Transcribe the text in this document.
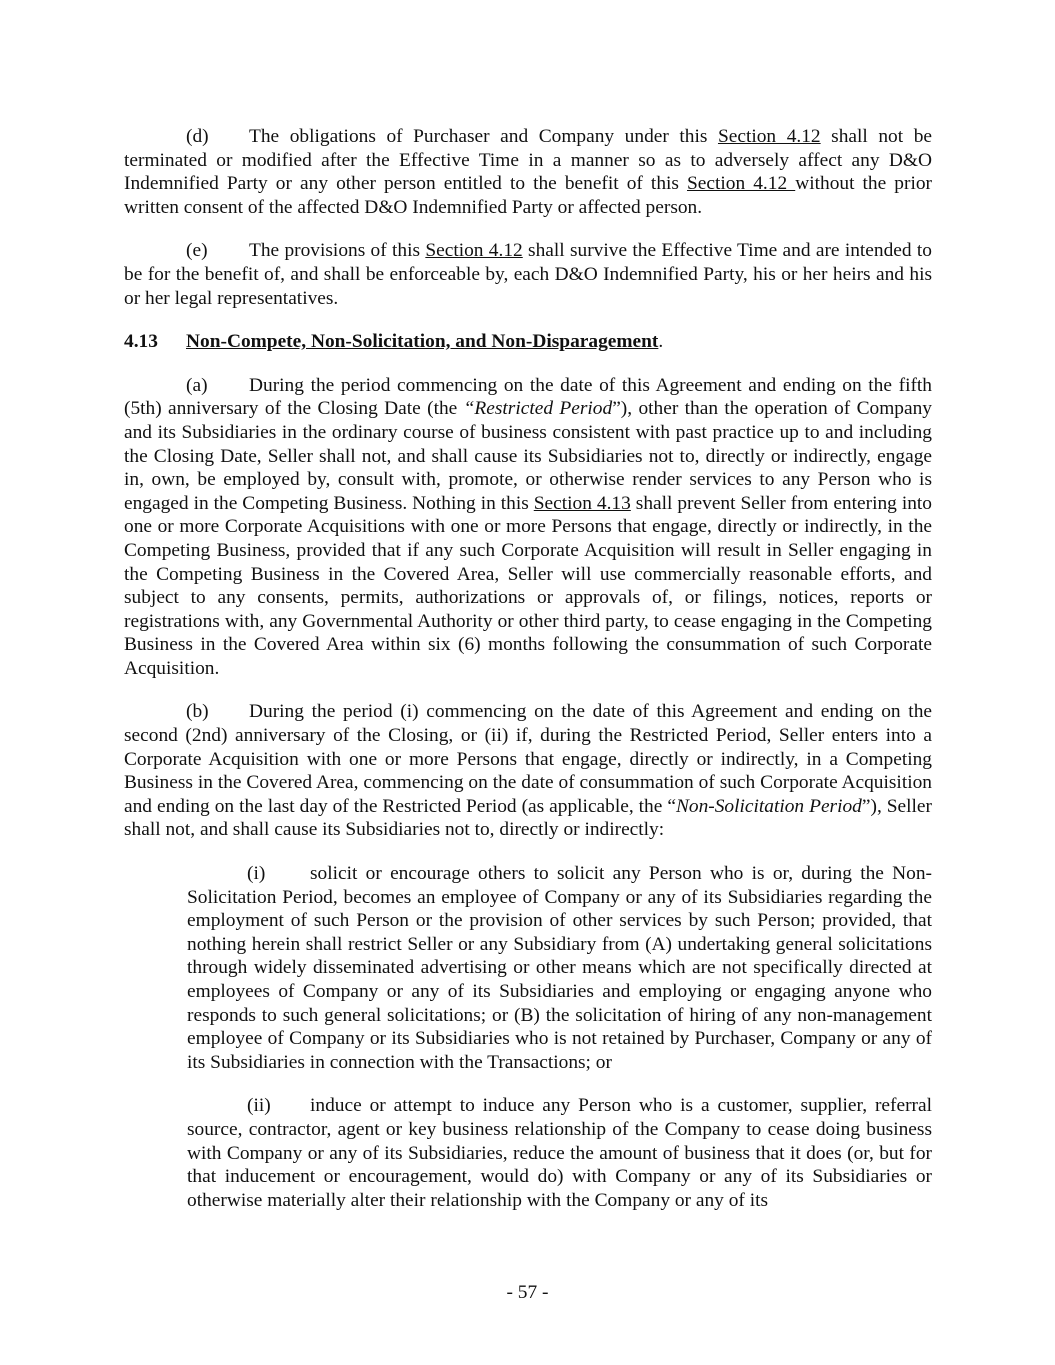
(d) The obligations of Purchaser and Company under this Section 4.12 shall not be terminated or modified after the Effective Time in a manner so as to adversely affect any D&O Indemnified Party or any other person entitled to the benefit of this Section 4.12 without the prior written consent of the affected D&O Indemnified Party or affected person.

(e) The provisions of this Section 4.12 shall survive the Effective Time and are intended to be for the benefit of, and shall be enforceable by, each D&O Indemnified Party, his or her heirs and his or her legal representatives.

4.13 Non-Compete, Non-Solicitation, and Non-Disparagement.

(a) During the period commencing on the date of this Agreement and ending on the fifth (5th) anniversary of the Closing Date (the “Restricted Period”), other than the operation of Company and its Subsidiaries in the ordinary course of business consistent with past practice up to and including the Closing Date, Seller shall not, and shall cause its Subsidiaries not to, directly or indirectly, engage in, own, be employed by, consult with, promote, or otherwise render services to any Person who is engaged in the Competing Business. Nothing in this Section 4.13 shall prevent Seller from entering into one or more Corporate Acquisitions with one or more Persons that engage, directly or indirectly, in the Competing Business, provided that if any such Corporate Acquisition will result in Seller engaging in the Competing Business in the Covered Area, Seller will use commercially reasonable efforts, and subject to any consents, permits, authorizations or approvals of, or filings, notices, reports or registrations with, any Governmental Authority or other third party, to cease engaging in the Competing Business in the Covered Area within six (6) months following the consummation of such Corporate Acquisition.

(b) During the period (i) commencing on the date of this Agreement and ending on the second (2nd) anniversary of the Closing, or (ii) if, during the Restricted Period, Seller enters into a Corporate Acquisition with one or more Persons that engage, directly or indirectly, in a Competing Business in the Covered Area, commencing on the date of consummation of such Corporate Acquisition and ending on the last day of the Restricted Period (as applicable, the “Non-Solicitation Period”), Seller shall not, and shall cause its Subsidiaries not to, directly or indirectly:

(i) solicit or encourage others to solicit any Person who is or, during the Non-Solicitation Period, becomes an employee of Company or any of its Subsidiaries regarding the employment of such Person or the provision of other services by such Person; provided, that nothing herein shall restrict Seller or any Subsidiary from (A) undertaking general solicitations through widely disseminated advertising or other means which are not specifically directed at employees of Company or any of its Subsidiaries and employing or engaging anyone who responds to such general solicitations; or (B) the solicitation of hiring of any non-management employee of Company or its Subsidiaries who is not retained by Purchaser, Company or any of its Subsidiaries in connection with the Transactions; or

(ii) induce or attempt to induce any Person who is a customer, supplier, referral source, contractor, agent or key business relationship of the Company to cease doing business with Company or any of its Subsidiaries, reduce the amount of business that it does (or, but for that inducement or encouragement, would do) with Company or any of its Subsidiaries or otherwise materially alter their relationship with the Company or any of its

- 57 -
